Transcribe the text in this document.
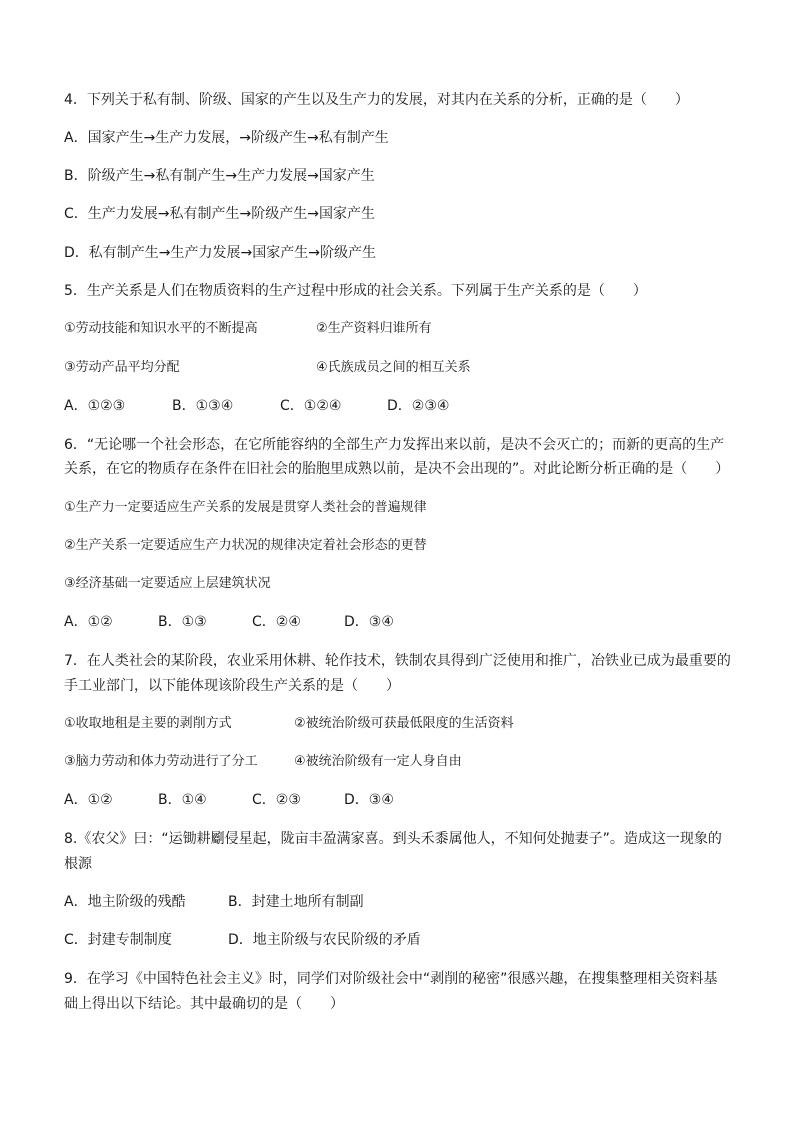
4．下列关于私有制、阶级、国家的产生以及生产力的发展，对其内在关系的分析，正确的是（　　）
A．国家产生→生产力发展，→阶级产生→私有制产生
B．阶级产生→私有制产生→生产力发展→国家产生
C．生产力发展→私有制产生→阶级产生→国家产生
D．私有制产生→生产力发展→国家产生→阶级产生
5．生产关系是人们在物质资料的生产过程中形成的社会关系。下列属于生产关系的是（　　）
①劳动技能和知识水平的不断提高	②生产资料归谁所有
③劳动产品平均分配	④氏族成员之间的相互关系
A．①②③	B．①③④	C．①②④	D．②③④
6．“无论哪一个社会形态，在它所能容纳的全部生产力发挥出来以前，是决不会灭亡的；而新的更高的生产
关系，在它的物质存在条件在旧社会的胎胞里成熟以前，是决不会出现的”。对此论断分析正确的是（　　）
①生产力一定要适应生产关系的发展是贯穿人类社会的普遍规律
②生产关系一定要适应生产力状况的规律决定着社会形态的更替
③经济基础一定要适应上层建筑状况
A．①②	B．①③	C．②④	D．③④
7．在人类社会的某阶段，农业采用休耕、轮作技术，铁制农具得到广泛使用和推广，冶铁业已成为最重要的
手工业部门，以下能体现该阶段生产关系的是（　　）
①收取地租是主要的剥削方式	②被统治阶级可获最低限度的生活资料
③脑力劳动和体力劳动进行了分工	④被统治阶级有一定人身自由
A．①②	B．①④	C．②③	D．③④
8.《农父》曰：“运锄耕劚侵星起，陇亩丰盈满家喜。到头禾黍属他人，不知何处抛妻子”。造成这一现象的
根源
A．地主阶级的残酷	B．封建土地所有制副
C．封建专制制度	D．地主阶级与农民阶级的矛盾
9．在学习《中国特色社会主义》时，同学们对阶级社会中“剥削的秘密”很感兴趣，在搜集整理相关资料基
础上得出以下结论。其中最确切的是（　　）
